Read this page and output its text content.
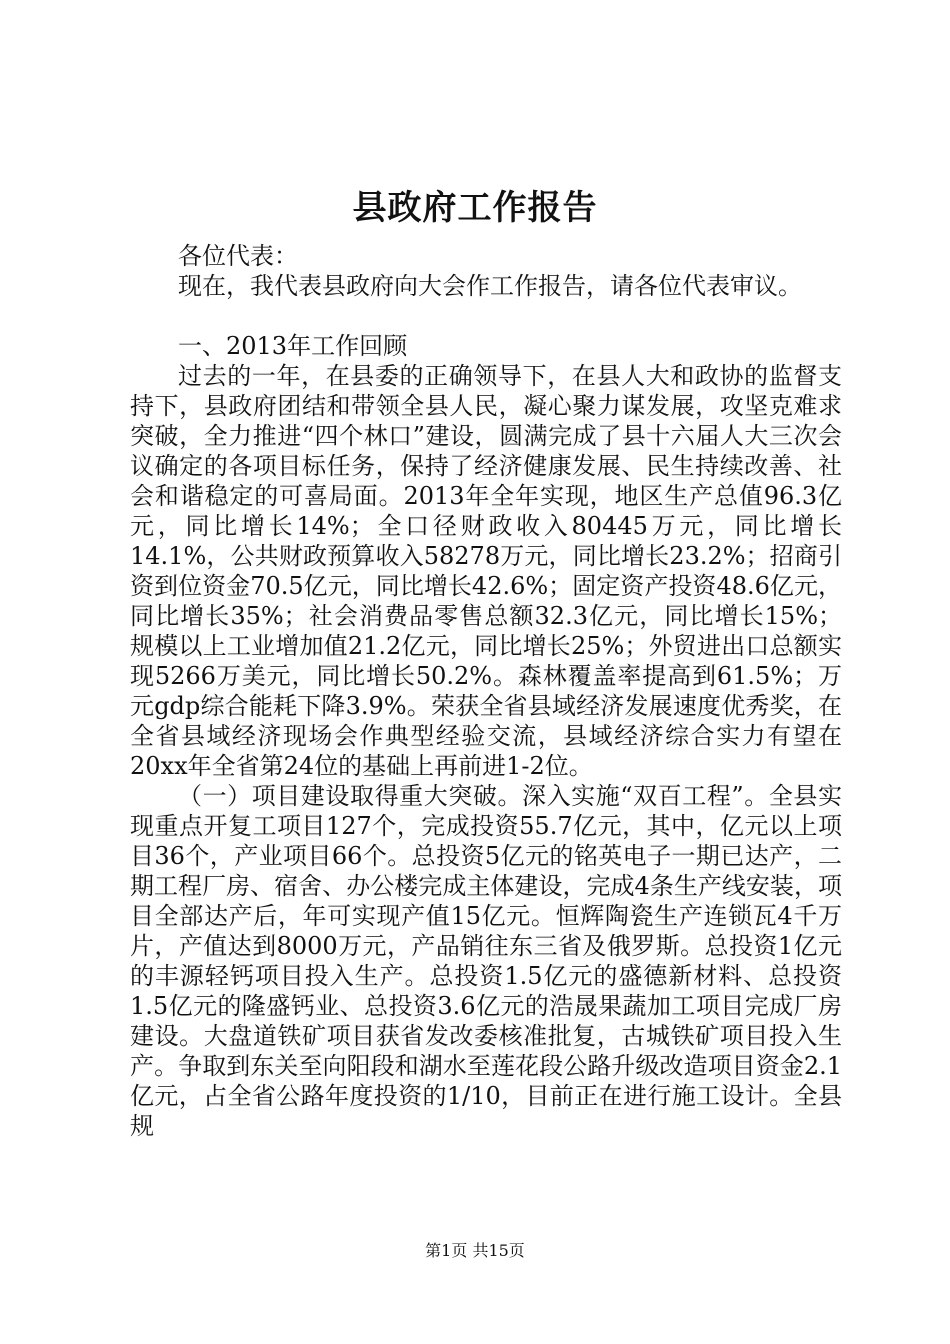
县政府工作报告

各位代表：

现在，我代表县政府向大会作工作报告，请各位代表审议。

一、2013年工作回顾

过去的一年，在县委的正确领导下，在县人大和政协的监督支持下，县政府团结和带领全县人民，凝心聚力谋发展，攻坚克难求突破，全力推进“四个林口”建设，圆满完成了县十六届人大三次会议确定的各项目标任务，保持了经济健康发展、民生持续改善、社会和谐稳定的可喜局面。2013年全年实现，地区生产总值96.3亿元，同比增长14%；全口径财政收入80445万元，同比增长14.1%，公共财政预算收入58278万元，同比增长23.2%；招商引资到位资金70.5亿元，同比增长42.6%；固定资产投资48.6亿元，同比增长35%；社会消费品零售总额32.3亿元，同比增长15%；规模以上工业增加值21.2亿元，同比增长25%；外贸进出口总额实现5266万美元，同比增长50.2%。森林覆盖率提高到61.5%；万元gdp综合能耗下降3.9%。荣获全省县域经济发展速度优秀奖，在全省县域经济现场会作典型经验交流，县域经济综合实力有望在20xx年全省第24位的基础上再前进1-2位。

（一）项目建设取得重大突破。深入实施“双百工程”。全县实现重点开复工项目127个，完成投资55.7亿元，其中，亿元以上项目36个，产业项目66个。总投资5亿元的铭英电子一期已达产，二期工程厂房、宿舍、办公楼完成主体建设，完成4条生产线安装，项目全部达产后，年可实现产值15亿元。恒辉陶瓷生产连锁瓦4千万片，产值达到8000万元，产品销往东三省及俄罗斯。总投资1亿元的丰源轻钙项目投入生产。总投资1.5亿元的盛德新材料、总投资1.5亿元的隆盛钙业、总投资3.6亿元的浩晟果蔬加工项目完成厂房建设。大盘道铁矿项目获省发改委核准批复，古城铁矿项目投入生产。争取到东关至向阳段和湖水至莲花段公路升级改造项目资金2.1亿元，占全省公路年度投资的1/10，目前正在进行施工设计。全县规

第1页 共15页
